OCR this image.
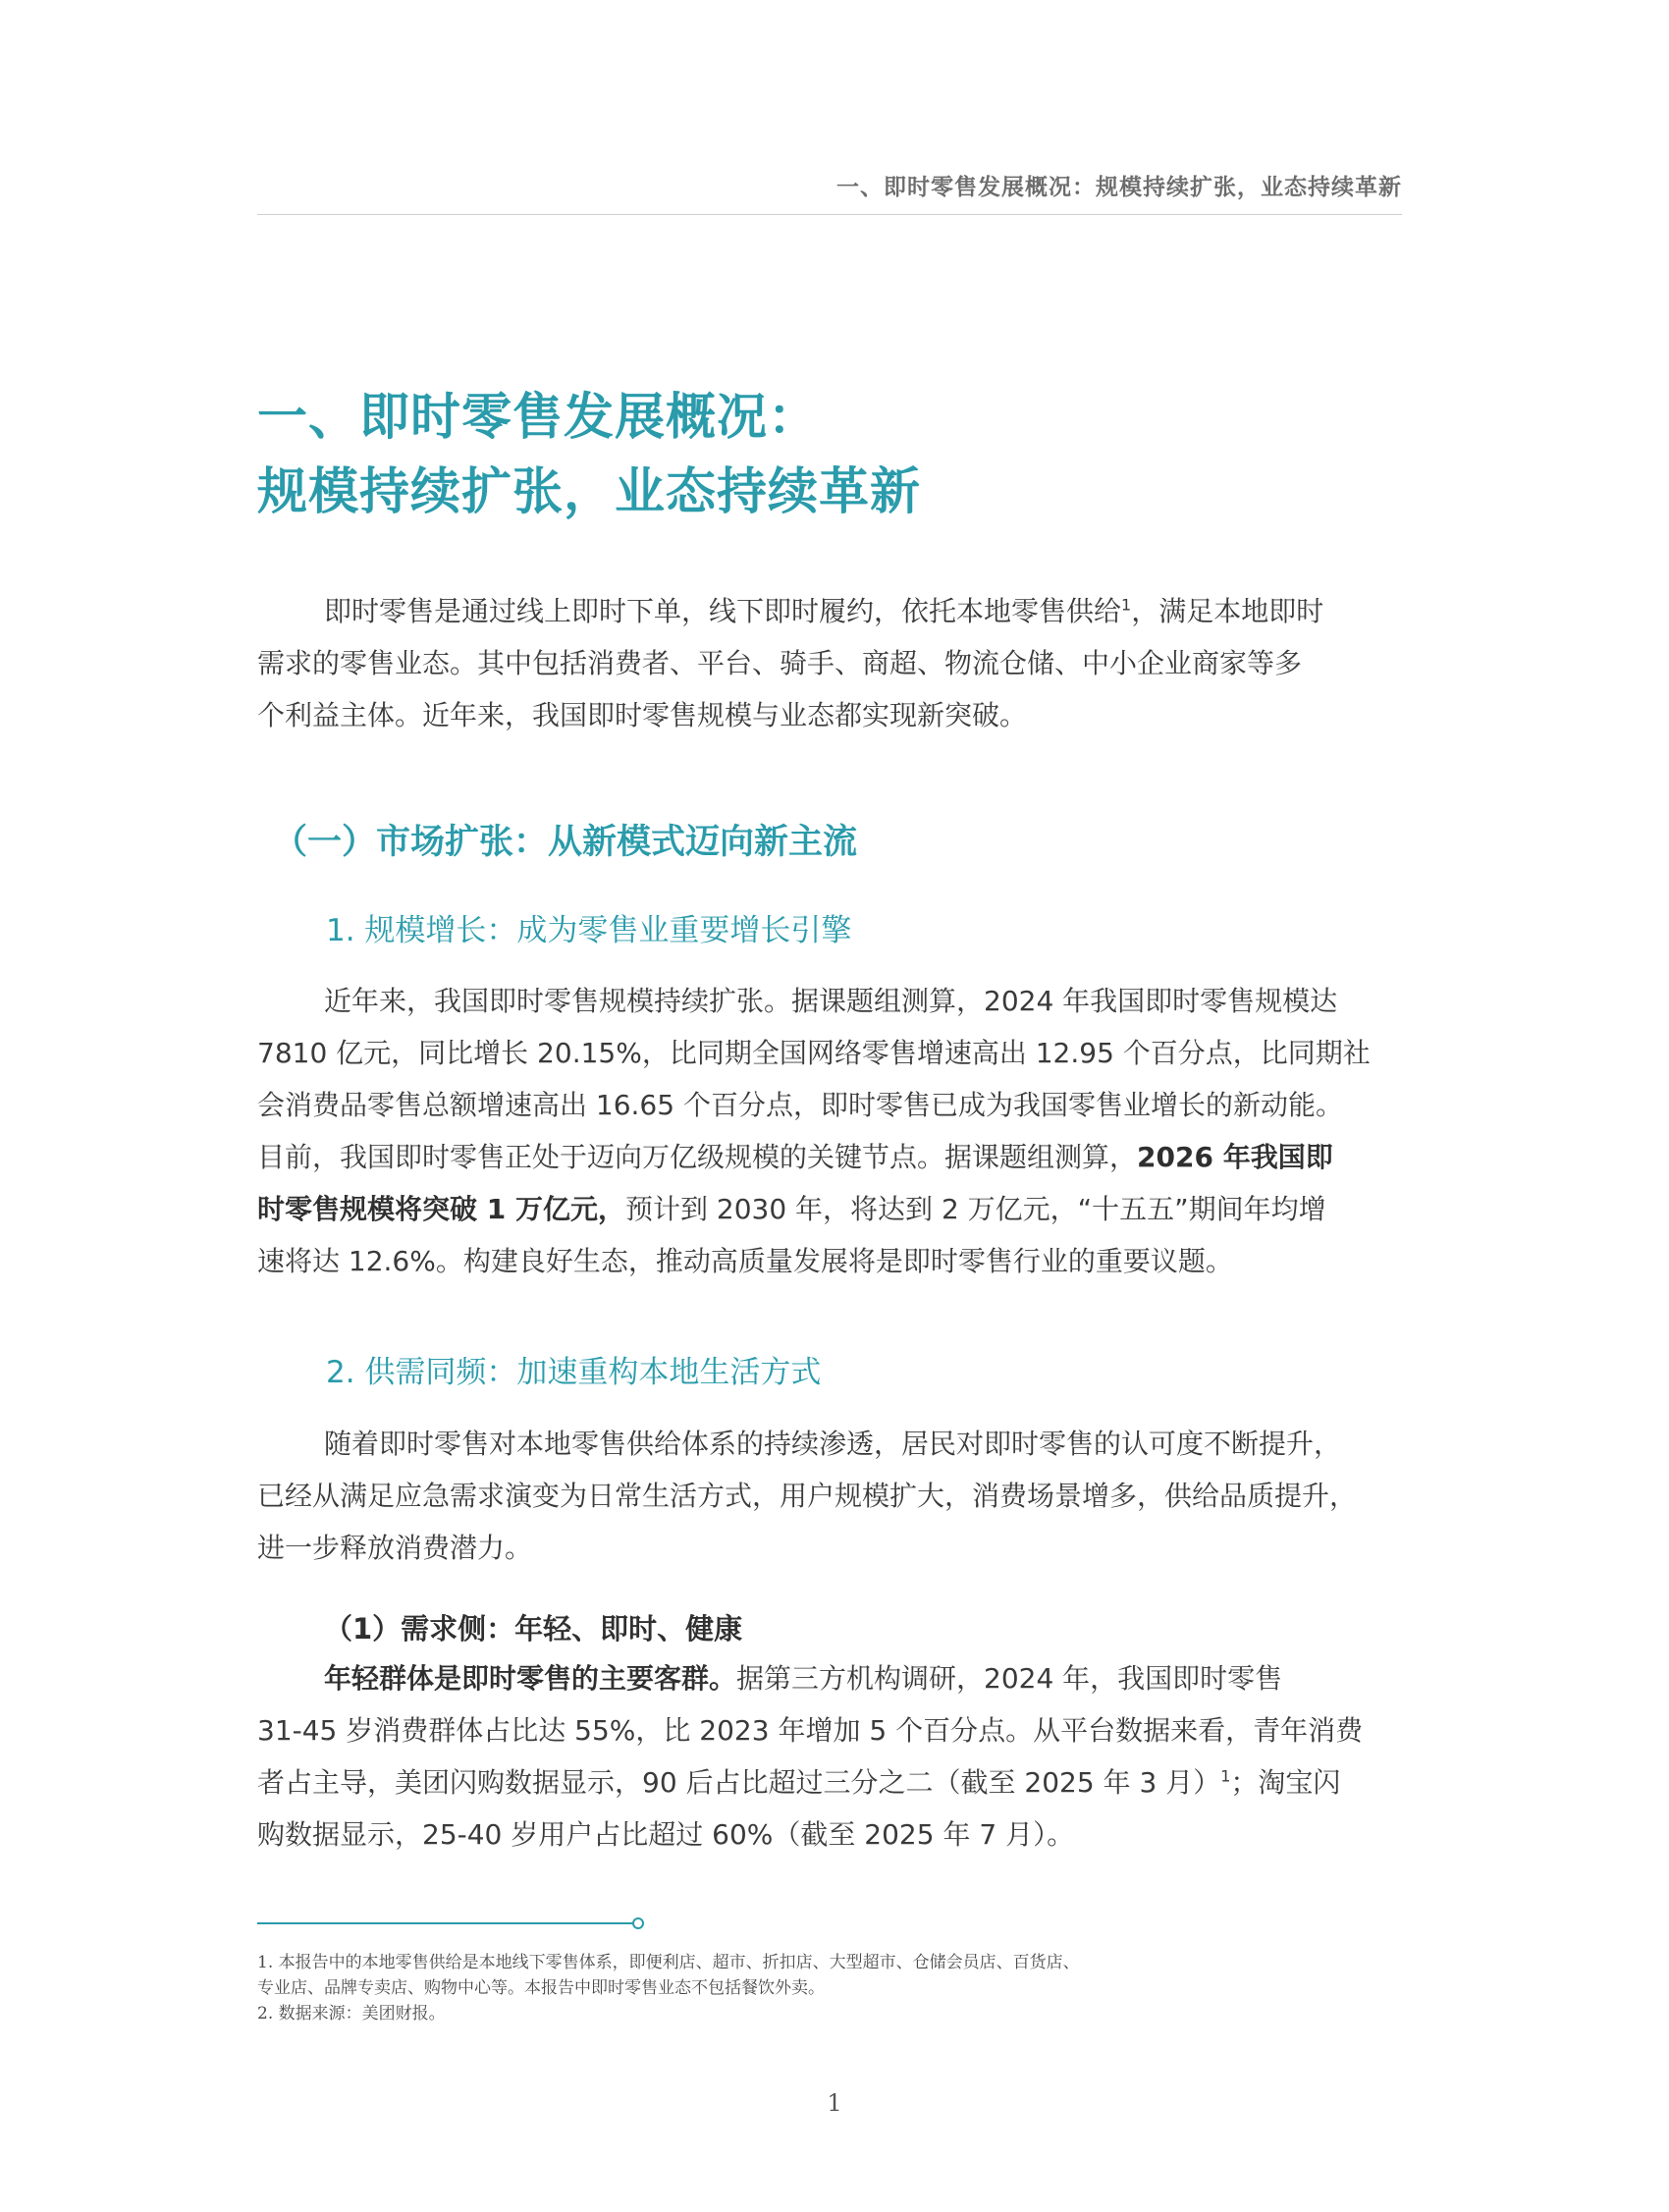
一、即时零售发展概况：规模持续扩张，业态持续革新
一、即时零售发展概况：
规模持续扩张，业态持续革新
即时零售是通过线上即时下单，线下即时履约，依托本地零售供给$^1$，满足本地即时
需求的零售业态。其中包括消费者、平台、骑手、商超、物流仓储、中小企业商家等多
个利益主体。近年来，我国即时零售规模与业态都实现新突破。
（一）市场扩张：从新模式迈向新主流
1. 规模增长：成为零售业重要增长引擎
近年来，我国即时零售规模持续扩张。据课题组测算，2024 年我国即时零售规模达
7810 亿元，同比增长 20.15%，比同期全国网络零售增速高出 12.95 个百分点，比同期社
会消费品零售总额增速高出 16.65 个百分点，即时零售已成为我国零售业增长的新动能。
目前，我国即时零售正处于迈向万亿级规模的关键节点。据课题组测算，2026 年我国即
时零售规模将突破 1 万亿元，预计到 2030 年，将达到 2 万亿元，“十五五”期间年均增
速将达 12.6%。构建良好生态，推动高质量发展将是即时零售行业的重要议题。
2. 供需同频：加速重构本地生活方式
随着即时零售对本地零售供给体系的持续渗透，居民对即时零售的认可度不断提升，
已经从满足应急需求演变为日常生活方式，用户规模扩大，消费场景增多，供给品质提升，
进一步释放消费潜力。
（1）需求侧：年轻、即时、健康
年轻群体是即时零售的主要客群。据第三方机构调研，2024 年，我国即时零售
31-45 岁消费群体占比达 55%，比 2023 年增加 5 个百分点。从平台数据来看，青年消费
者占主导，美团闪购数据显示，90 后占比超过三分之二（截至 2025 年 3 月）$^1$；淘宝闪
购数据显示，25-40 岁用户占比超过 60%（截至 2025 年 7 月）。
1. 本报告中的本地零售供给是本地线下零售体系，即便利店、超市、折扣店、大型超市、仓储会员店、百货店、
专业店、品牌专卖店、购物中心等。本报告中即时零售业态不包括餐饮外卖。
2. 数据来源：美团财报。
1
